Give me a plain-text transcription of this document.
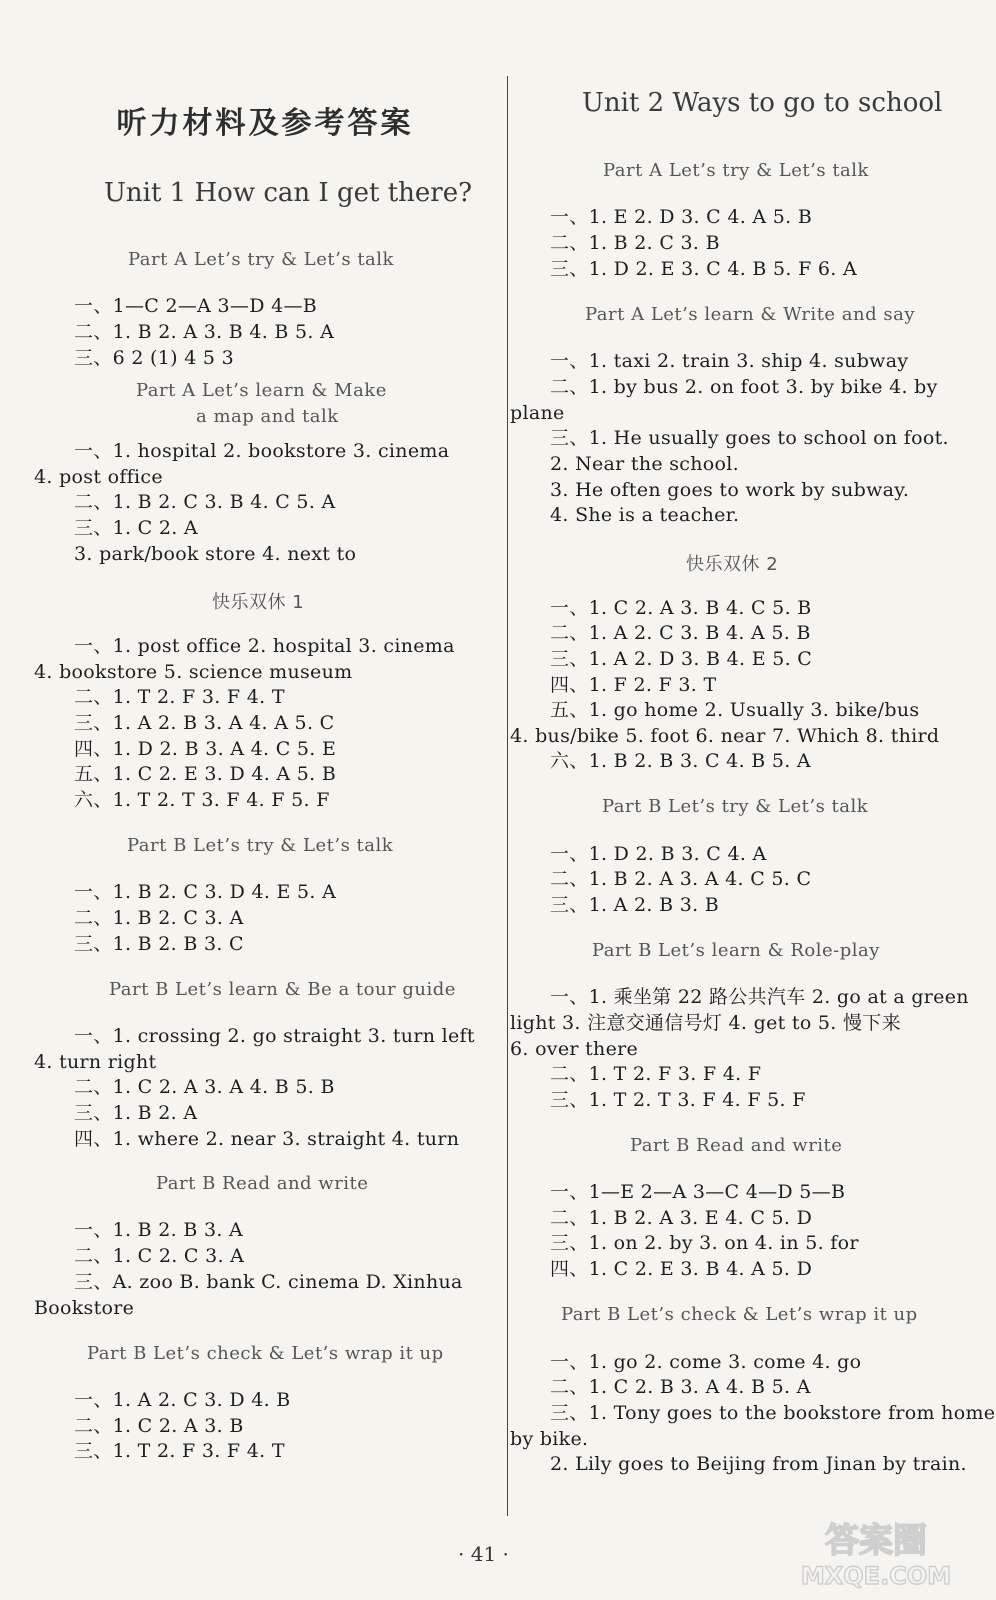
听力材料及参考答案
Unit 1 How can I get there?
Part A Let’s try & Let’s talk
一、1—C 2—A 3—D 4—B
二、1. B 2. A 3. B 4. B 5. A
三、6 2 (1) 4 5 3
Part A Let’s learn & Make
a map and talk
一、1. hospital 2. bookstore 3. cinema
4. post office
二、1. B 2. C 3. B 4. C 5. A
三、1. C 2. A
3. park/book store 4. next to
快乐双休 1
一、1. post office 2. hospital 3. cinema
4. bookstore 5. science museum
二、1. T 2. F 3. F 4. T
三、1. A 2. B 3. A 4. A 5. C
四、1. D 2. B 3. A 4. C 5. E
五、1. C 2. E 3. D 4. A 5. B
六、1. T 2. T 3. F 4. F 5. F
Part B Let’s try & Let’s talk
一、1. B 2. C 3. D 4. E 5. A
二、1. B 2. C 3. A
三、1. B 2. B 3. C
Part B Let’s learn & Be a tour guide
一、1. crossing 2. go straight 3. turn left
4. turn right
二、1. C 2. A 3. A 4. B 5. B
三、1. B 2. A
四、1. where 2. near 3. straight 4. turn
Part B Read and write
一、1. B 2. B 3. A
二、1. C 2. C 3. A
三、A. zoo B. bank C. cinema D. Xinhua
Bookstore
Part B Let’s check & Let’s wrap it up
一、1. A 2. C 3. D 4. B
二、1. C 2. A 3. B
三、1. T 2. F 3. F 4. T
Unit 2 Ways to go to school
Part A Let’s try & Let’s talk
一、1. E 2. D 3. C 4. A 5. B
二、1. B 2. C 3. B
三、1. D 2. E 3. C 4. B 5. F 6. A
Part A Let’s learn & Write and say
一、1. taxi 2. train 3. ship 4. subway
二、1. by bus 2. on foot 3. by bike 4. by
plane
三、1. He usually goes to school on foot.
2. Near the school.
3. He often goes to work by subway.
4. She is a teacher.
快乐双休 2
一、1. C 2. A 3. B 4. C 5. B
二、1. A 2. C 3. B 4. A 5. B
三、1. A 2. D 3. B 4. E 5. C
四、1. F 2. F 3. T
五、1. go home 2. Usually 3. bike/bus
4. bus/bike 5. foot 6. near 7. Which 8. third
六、1. B 2. B 3. C 4. B 5. A
Part B Let’s try & Let’s talk
一、1. D 2. B 3. C 4. A
二、1. B 2. A 3. A 4. C 5. C
三、1. A 2. B 3. B
Part B Let’s learn & Role-play
一、1. 乘坐第 22 路公共汽车 2. go at a green
light 3. 注意交通信号灯 4. get to 5. 慢下来
6. over there
二、1. T 2. F 3. F 4. F
三、1. T 2. T 3. F 4. F 5. F
Part B Read and write
一、1—E 2—A 3—C 4—D 5—B
二、1. B 2. A 3. E 4. C 5. D
三、1. on 2. by 3. on 4. in 5. for
四、1. C 2. E 3. B 4. A 5. D
Part B Let’s check & Let’s wrap it up
一、1. go 2. come 3. come 4. go
二、1. C 2. B 3. A 4. B 5. A
三、1. Tony goes to the bookstore from home
by bike.
2. Lily goes to Beijing from Jinan by train.
· 41 ·	答案圈
MXQE.COM
